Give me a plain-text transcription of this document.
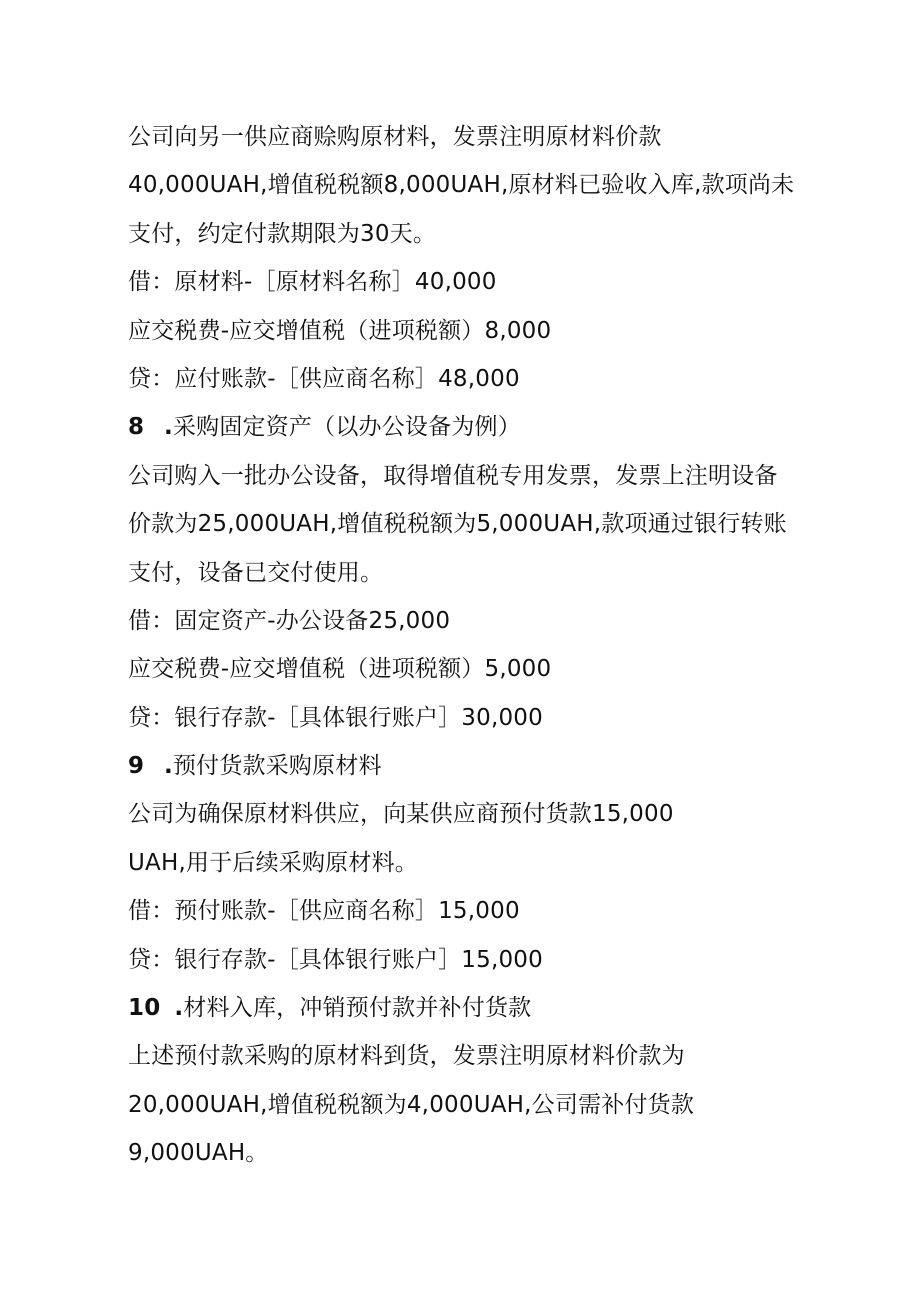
公司向另一供应商赊购原材料，发票注明原材料价款
40,000UAH,增值税税额8,000UAH,原材料已验收入库,款项尚未
支付，约定付款期限为30天。
借：原材料-［原材料名称］40,000
应交税费-应交增值税（进项税额）8,000
贷：应付账款-［供应商名称］48,000
8 .采购固定资产（以办公设备为例）
公司购入一批办公设备，取得增值税专用发票，发票上注明设备
价款为25,000UAH,增值税税额为5,000UAH,款项通过银行转账
支付，设备已交付使用。
借：固定资产-办公设备25,000
应交税费-应交增值税（进项税额）5,000
贷：银行存款-［具体银行账户］30,000
9 .预付货款采购原材料
公司为确保原材料供应，向某供应商预付货款15,000
UAH,用于后续采购原材料。
借：预付账款-［供应商名称］15,000
贷：银行存款-［具体银行账户］15,000
10 .材料入库，冲销预付款并补付货款
上述预付款采购的原材料到货，发票注明原材料价款为
20,000UAH,增值税税额为4,000UAH,公司需补付货款
9,000UAH。
